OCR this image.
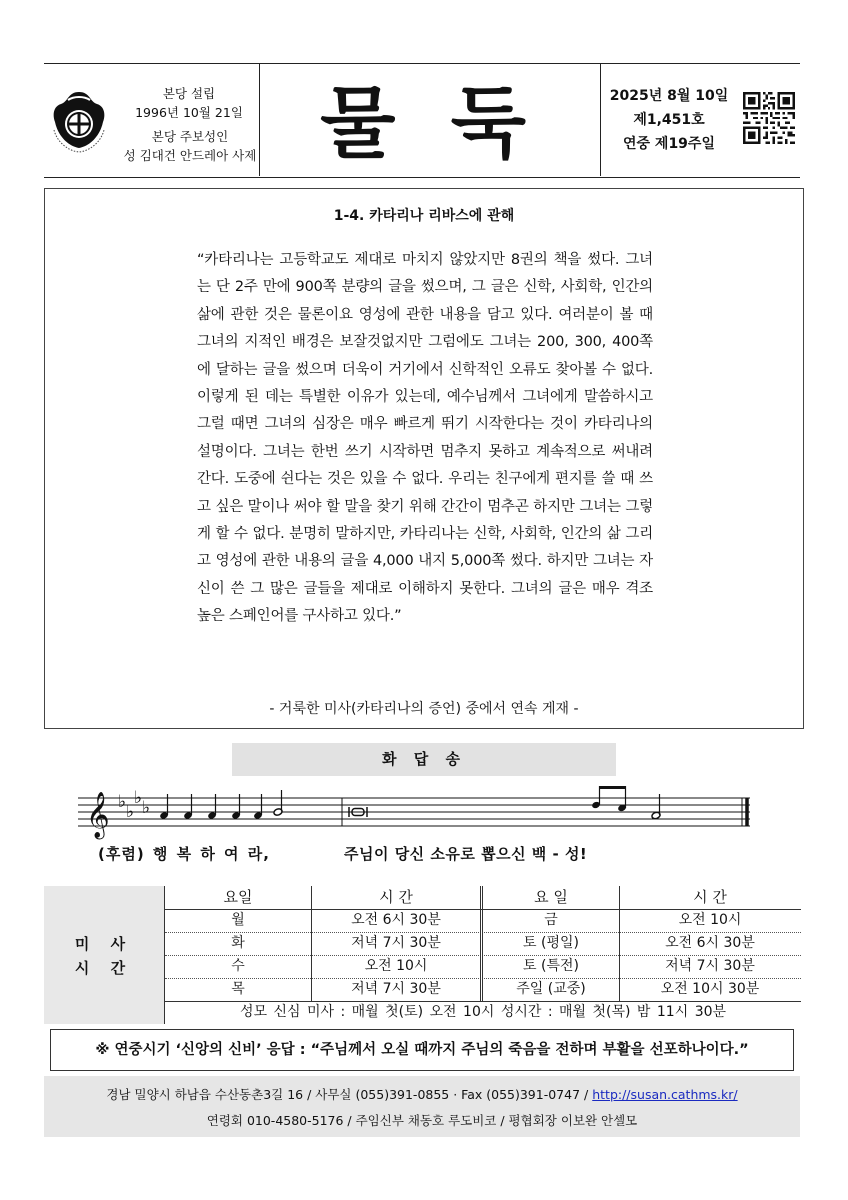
본당 설립
1996년 10월 21일
본당 주보성인
성 김대건 안드레아 사제 물 둑	2025년 8월 10일
제1,451호
연중 제19주일
1-4. 카타리나 리바스에 관해

“카타리나는 고등학교도 제대로 마치지 않았지만 8권의 책을 썼다. 그녀는 단 2주 만에 900쪽 분량의 글을 썼으며, 그 글은 신학, 사회학, 인간의 삶에 관한 것은 물론이요 영성에 관한 내용을 담고 있다. 여러분이 볼 때 그녀의 지적인 배경은 보잘것없지만 그럼에도 그녀는 200, 300, 400쪽에 달하는 글을 썼으며 더욱이 거기에서 신학적인 오류도 찾아볼 수 없다. 이렇게 된 데는 특별한 이유가 있는데, 예수님께서 그녀에게 말씀하시고 그럴 때면 그녀의 심장은 매우 빠르게 뛰기 시작한다는 것이 카타리나의 설명이다. 그녀는 한번 쓰기 시작하면 멈추지 못하고 계속적으로 써내려 간다. 도중에 쉰다는 것은 있을 수 없다. 우리는 친구에게 편지를 쓸 때 쓰고 싶은 말이나 써야 할 말을 찾기 위해 간간이 멈추곤 하지만 그녀는 그렇게 할 수 없다. 분명히 말하지만, 카타리나는 신학, 사회학, 인간의 삶 그리고 영성에 관한 내용의 글을 4,000 내지 5,000쪽 썼다. 하지만 그녀는 자신이 쓴 그 많은 글들을 제대로 이해하지 못한다. 그녀의 글은 매우 격조 높은 스페인어를 구사하고 있다.”

- 거룩한 미사(카타리나의 증언) 중에서 연속 게재 -
화 답 송
𝄞 ♭ ♭
♭ ♭
(후렴) 행 복 하 여 라,	주님이 당신 소유로 뽑으신 백 - 성!
미 사
시 간
요일	시 간	요 일	시 간
월	오전 6시 30분	금	오전 10시
화	저녁 7시 30분	토 (평일)	오전 6시 30분
수	오전 10시	토 (특전)	저녁 7시 30분
목	저녁 7시 30분	주일 (교중)	오전 10시 30분
성모 신심 미사 : 매월 첫(토) 오전 10시 성시간 : 매월 첫(목) 밤 11시 30분
※ 연중시기 ‘신앙의 신비’ 응답 : “주님께서 오실 때까지 주님의 죽음을 전하며 부활을 선포하나이다.”
경남 밀양시 하남읍 수산동촌3길 16 / 사무실 (055)391-0855 · Fax (055)391-0747 / http://susan.cathms.kr/
연령회 010-4580-5176 / 주임신부 채동호 루도비코 / 평협회장 이보완 안셀모
